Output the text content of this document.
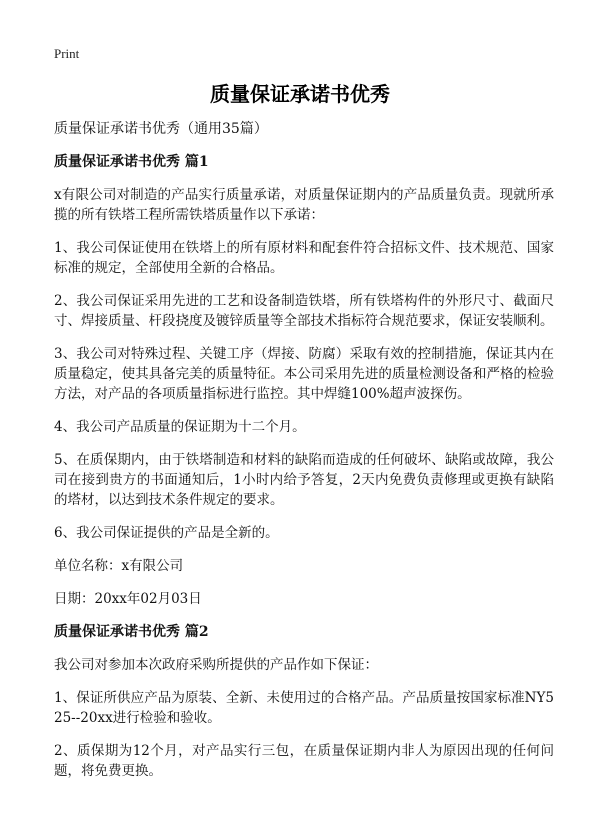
Print
质量保证承诺书优秀
质量保证承诺书优秀（通用35篇）
质量保证承诺书优秀 篇1
x有限公司对制造的产品实行质量承诺，对质量保证期内的产品质量负责。现就所承揽的所有铁塔工程所需铁塔质量作以下承诺：
1、我公司保证使用在铁塔上的所有原材料和配套件符合招标文件、技术规范、国家标准的规定，全部使用全新的合格品。
2、我公司保证采用先进的工艺和设备制造铁塔，所有铁塔构件的外形尺寸、截面尺寸、焊接质量、杆段挠度及镀锌质量等全部技术指标符合规范要求，保证安装顺利。
3、我公司对特殊过程、关键工序（焊接、防腐）采取有效的控制措施，保证其内在质量稳定，使其具备完美的质量特征。本公司采用先进的质量检测设备和严格的检验方法，对产品的各项质量指标进行监控。其中焊缝100%超声波探伤。
4、我公司产品质量的保证期为十二个月。
5、在质保期内，由于铁塔制造和材料的缺陷而造成的任何破坏、缺陷或故障，我公司在接到贵方的书面通知后，1小时内给予答复，2天内免费负责修理或更换有缺陷的塔材，以达到技术条件规定的要求。
6、我公司保证提供的产品是全新的。
单位名称：x有限公司
日期：20xx年02月03日
质量保证承诺书优秀 篇2
我公司对参加本次政府采购所提供的产品作如下保证：
1、保证所供应产品为原装、全新、未使用过的合格产品。产品质量按国家标准NY525--20xx进行检验和验收。
2、质保期为12个月，对产品实行三包，在质量保证期内非人为原因出现的任何问题，将免费更换。
